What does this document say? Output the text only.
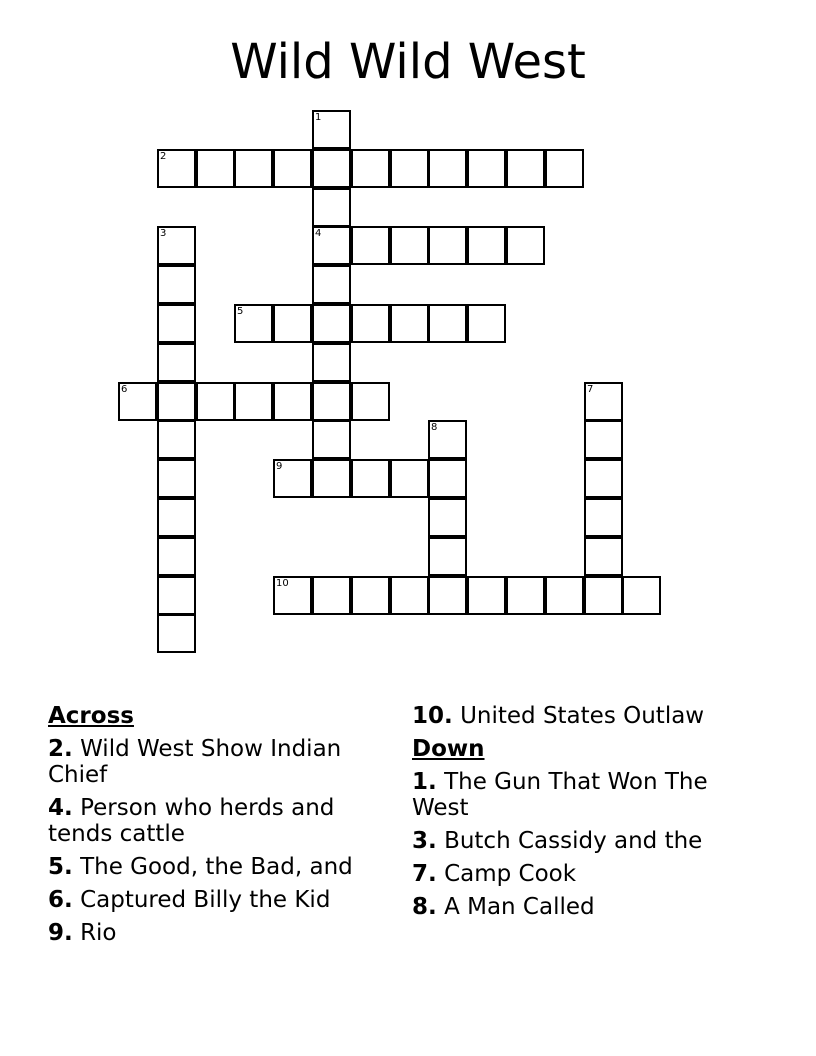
Wild Wild West
1
4
2
3
5
6	7
8
9
10
Across
2. Wild West Show Indian Chief
4. Person who herds and tends cattle
5. The Good, the Bad, and
6. Captured Billy the Kid
9. Rio
10. United States Outlaw
Down
1. The Gun That Won The West
3. Butch Cassidy and the
7. Camp Cook
8. A Man Called
